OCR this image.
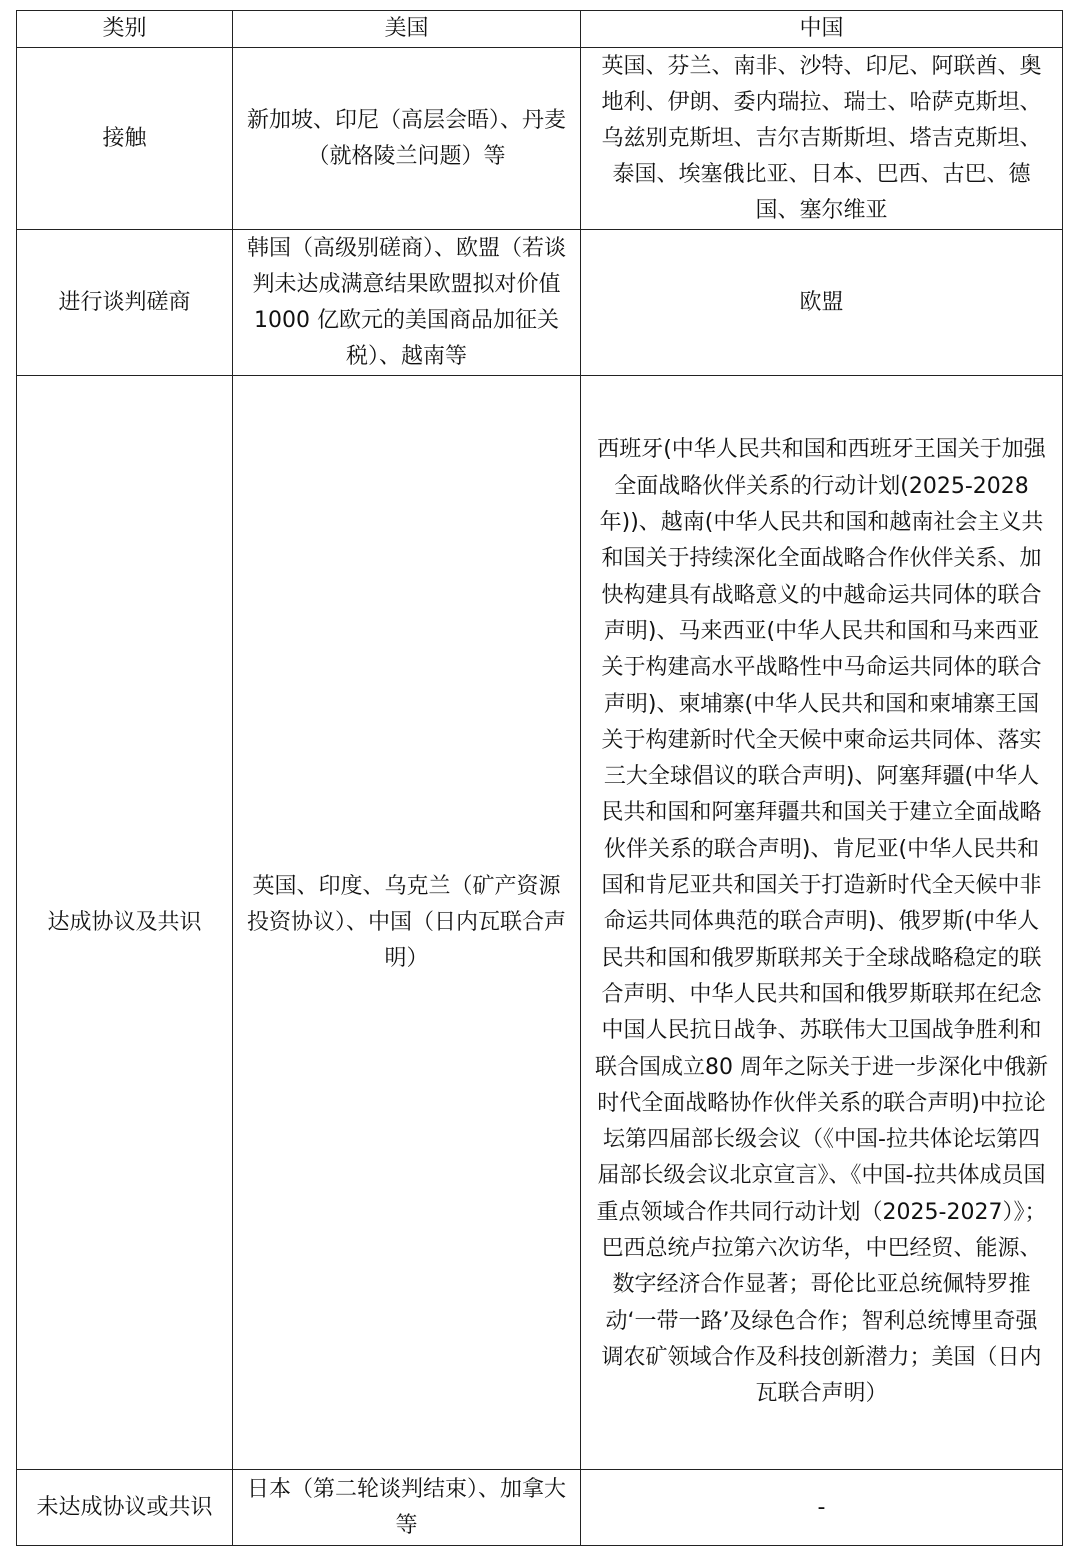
类别	美国	中国
接触	新加坡、印尼（高层会晤）、丹麦（就格陵兰问题）等	英国、芬兰、南非、沙特、印尼、阿联酋、奥地利、伊朗、委内瑞拉、瑞士、哈萨克斯坦、乌兹别克斯坦、吉尔吉斯斯坦、塔吉克斯坦、泰国、埃塞俄比亚、日本、巴西、古巴、德国、塞尔维亚
进行谈判磋商	韩国（高级别磋商）、欧盟（若谈判未达成满意结果欧盟拟对价值 1000 亿欧元的美国商品加征关税）、越南等	欧盟
达成协议及共识	英国、印度、乌克兰（矿产资源投资协议）、中国（日内瓦联合声明）	西班牙(中华人民共和国和西班牙王国关于加强全面战略伙伴关系的行动计划(2025-2028 年))、越南(中华人民共和国和越南社会主义共和国关于持续深化全面战略合作伙伴关系、加快构建具有战略意义的中越命运共同体的联合声明)、马来西亚(中华人民共和国和马来西亚关于构建高水平战略性中马命运共同体的联合声明)、柬埔寨(中华人民共和国和柬埔寨王国关于构建新时代全天候中柬命运共同体、落实三大全球倡议的联合声明)、阿塞拜疆(中华人民共和国和阿塞拜疆共和国关于建立全面战略伙伴关系的联合声明)、肯尼亚(中华人民共和国和肯尼亚共和国关于打造新时代全天候中非命运共同体典范的联合声明)、俄罗斯(中华人民共和国和俄罗斯联邦关于全球战略稳定的联合声明、中华人民共和国和俄罗斯联邦在纪念中国人民抗日战争、苏联伟大卫国战争胜利和联合国成立80 周年之际关于进一步深化中俄新时代全面战略协作伙伴关系的联合声明)中拉论坛第四届部长级会议（《中国-拉共体论坛第四届部长级会议北京宣言》、《中国-拉共体成员国重点领域合作共同行动计划（2025-2027）》；巴西总统卢拉第六次访华，中巴经贸、能源、数字经济合作显著；哥伦比亚总统佩特罗推动‘一带一路’及绿色合作；智利总统博里奇强调农矿领域合作及科技创新潜力；美国（日内瓦联合声明）
未达成协议或共识	日本（第二轮谈判结束）、加拿大等	-
